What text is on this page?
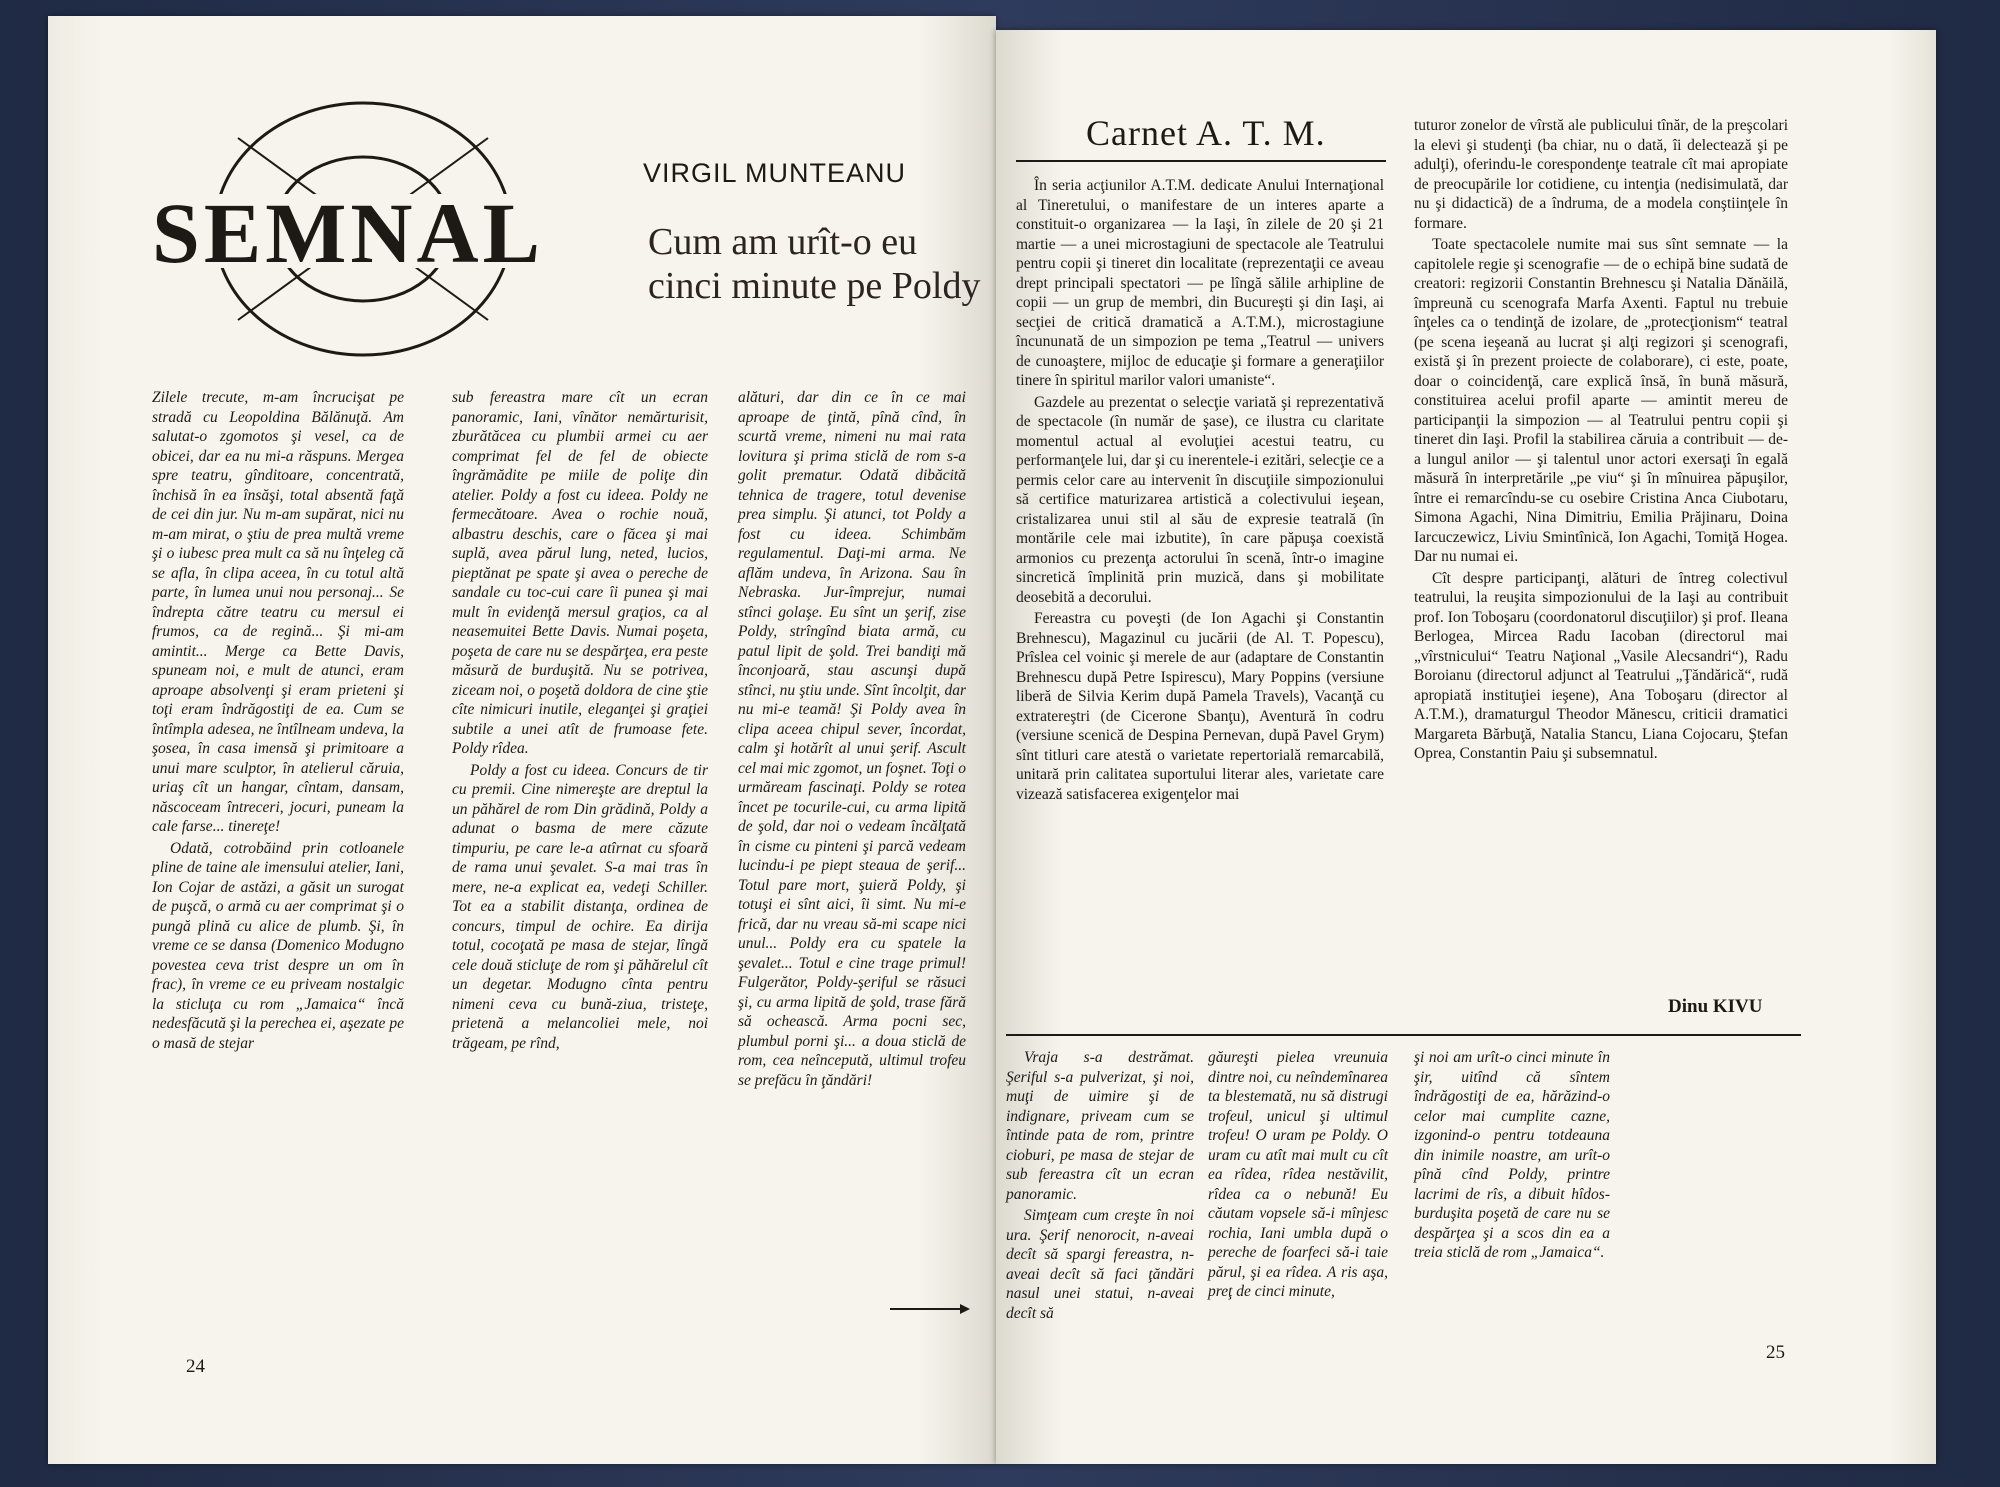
SEMNAL
VIRGIL MUNTEANU
Cum am urît-o eu
cinci minute pe Poldy

Zilele trecute, m-am încrucişat pe stradă cu Leopoldina Bălănuţă. Am salutat-o zgomotos şi vesel, ca de obicei, dar ea nu mi-a răspuns. Mergea spre teatru, gînditoare, concentrată, închisă în ea însăşi, total absentă faţă de cei din jur. Nu m-am supărat, nici nu m-am mirat, o ştiu de prea multă vreme şi o iubesc prea mult ca să nu înţeleg că se afla, în clipa aceea, în cu totul altă parte, în lumea unui nou personaj... Se îndrepta către teatru cu mersul ei frumos, ca de regină... Şi mi-am amintit... Merge ca Bette Davis, spuneam noi, e mult de atunci, eram aproape absolvenţi şi eram prieteni şi toţi eram îndrăgostiţi de ea. Cum se întîmpla adesea, ne întîlneam undeva, la şosea, în casa imensă şi primitoare a unui mare sculptor, în atelierul căruia, uriaş cît un hangar, cîntam, dansam, născoceam întreceri, jocuri, puneam la cale farse... tinereţe!

Odată, cotrobăind prin cotloanele pline de taine ale imensului atelier, Iani, Ion Cojar de astăzi, a găsit un surogat de puşcă, o armă cu aer comprimat şi o pungă plină cu alice de plumb. Şi, în vreme ce se dansa (Domenico Modugno povestea ceva trist despre un om în frac), în vreme ce eu priveam nostalgic la sticluţa cu rom „Jamaica“ încă nedesfăcută şi la perechea ei, aşezate pe o masă de stejar

sub fereastra mare cît un ecran panoramic, Iani, vînător nemărturisit, zburătăcea cu plumbii armei cu aer comprimat fel de fel de obiecte îngrămădite pe miile de poliţe din atelier. Poldy a fost cu ideea. Poldy ne fermecătoare. Avea o rochie nouă, albastru deschis, care o făcea şi mai suplă, avea părul lung, neted, lucios, pieptănat pe spate şi avea o pereche de sandale cu toc-cui care îi punea şi mai mult în evidenţă mersul graţios, ca al neasemuitei Bette Davis. Numai poşeta, poşeta de care nu se despărţea, era peste măsură de burduşită. Nu se potrivea, ziceam noi, o poşetă doldora de cine ştie cîte nimicuri inutile, eleganţei şi graţiei subtile a unei atît de frumoase fete. Poldy rîdea.

Poldy a fost cu ideea. Concurs de tir cu premii. Cine nimereşte are dreptul la un păhărel de rom Din grădină, Poldy a adunat o basma de mere căzute timpuriu, pe care le-a atîrnat cu sfoară de rama unui şevalet. S-a mai tras în mere, ne-a explicat ea, vedeţi Schiller. Tot ea a stabilit distanţa, ordinea de concurs, timpul de ochire. Ea dirija totul, cocoţată pe masa de stejar, lîngă cele două sticluţe de rom şi păhărelul cît un degetar. Modugno cînta pentru nimeni ceva cu bună-ziua, tristeţe, prietenă a melancoliei mele, noi trăgeam, pe rînd,

alături, dar din ce în ce mai aproape de ţintă, pînă cînd, în scurtă vreme, nimeni nu mai rata lovitura şi prima sticlă de rom s-a golit prematur. Odată dibăcită tehnica de tragere, totul devenise prea simplu. Şi atunci, tot Poldy a fost cu ideea. Schimbăm regulamentul. Daţi-mi arma. Ne aflăm undeva, în Arizona. Sau în Nebraska. Jur-împrejur, numai stînci golaşe. Eu sînt un şerif, zise Poldy, strîngînd biata armă, cu patul lipit de şold. Trei bandiţi mă înconjoară, stau ascunşi după stînci, nu ştiu unde. Sînt încolţit, dar nu mi-e teamă! Şi Poldy avea în clipa aceea chipul sever, încordat, calm şi hotărît al unui şerif. Ascult cel mai mic zgomot, un foşnet. Toţi o urmăream fascinaţi. Poldy se rotea încet pe tocurile-cui, cu arma lipită de şold, dar noi o vedeam încălţată în cisme cu pinteni şi parcă vedeam lucindu-i pe piept steaua de şerif... Totul pare mort, şuieră Poldy, şi totuşi ei sînt aici, îi simt. Nu mi-e frică, dar nu vreau să-mi scape nici unul... Poldy era cu spatele la şevalet... Totul e cine trage primul! Fulgerător, Poldy-şeriful se răsuci şi, cu arma lipită de şold, trase fără să ochească. Arma pocni sec, plumbul porni şi... a doua sticlă de rom, cea neîncepută, ultimul trofeu se prefăcu în ţăndări!

24
Carnet A. T. M.

În seria acţiunilor A.T.M. dedicate Anului Internaţional al Tineretului, o manifestare de un interes aparte a constituit-o organizarea — la Iaşi, în zilele de 20 şi 21 martie — a unei microstagiuni de spectacole ale Teatrului pentru copii şi tineret din localitate (reprezentaţii ce aveau drept principali spectatori — pe lîngă sălile arhipline de copii — un grup de membri, din Bucureşti şi din Iaşi, ai secţiei de critică dramatică a A.T.M.), microstagiune încununată de un simpozion pe tema „Teatrul — univers de cunoaştere, mijloc de educaţie şi formare a generaţiilor tinere în spiritul marilor valori umaniste“.

Gazdele au prezentat o selecţie variată şi reprezentativă de spectacole (în număr de şase), ce ilustra cu claritate momentul actual al evoluţiei acestui teatru, cu performanţele lui, dar şi cu inerentele-i ezitări, selecţie ce a permis celor care au intervenit în discuţiile simpozionului să certifice maturizarea artistică a colectivului ieşean, cristalizarea unui stil al său de expresie teatrală (în montările cele mai izbutite), în care păpuşa coexistă armonios cu prezenţa actorului în scenă, într-o imagine sincretică împlinită prin muzică, dans şi mobilitate deosebită a decorului.

Fereastra cu poveşti (de Ion Agachi şi Constantin Brehnescu), Magazinul cu jucării (de Al. T. Popescu), Prîslea cel voinic şi merele de aur (adaptare de Constantin Brehnescu după Petre Ispirescu), Mary Poppins (versiune liberă de Silvia Kerim după Pamela Travels), Vacanţă cu extratereştri (de Cicerone Sbanţu), Aventură în codru (versiune scenică de Despina Pernevan, după Pavel Grym) sînt titluri care atestă o varietate repertorială remarcabilă, unitară prin calitatea suportului literar ales, varietate care vizează satisfacerea exigenţelor mai

tuturor zonelor de vîrstă ale publicului tînăr, de la preşcolari la elevi şi studenţi (ba chiar, nu o dată, îi delectează şi pe adulţi), oferindu-le corespondenţe teatrale cît mai apropiate de preocupările lor cotidiene, cu intenţia (nedisimulată, dar nu şi didactică) de a îndruma, de a modela conştiinţele în formare.

Toate spectacolele numite mai sus sînt semnate — la capitolele regie şi scenografie — de o echipă bine sudată de creatori: regizorii Constantin Brehnescu şi Natalia Dănăilă, împreună cu scenografa Marfa Axenti. Faptul nu trebuie înţeles ca o tendinţă de izolare, de „protecţionism“ teatral (pe scena ieşeană au lucrat şi alţi regizori şi scenografi, există şi în prezent proiecte de colaborare), ci este, poate, doar o coincidenţă, care explică însă, în bună măsură, constituirea acelui profil aparte — amintit mereu de participanţii la simpozion — al Teatrului pentru copii şi tineret din Iaşi. Profil la stabilirea căruia a contribuit — de-a lungul anilor — şi talentul unor actori exersaţi în egală măsură în interpretările „pe viu“ şi în mînuirea păpuşilor, între ei remarcîndu-se cu osebire Cristina Anca Ciubotaru, Simona Agachi, Nina Dimitriu, Emilia Prăjinaru, Doina Iarcuczewicz, Liviu Smintînică, Ion Agachi, Tomiţă Hogea. Dar nu numai ei.

Cît despre participanţi, alături de întreg colectivul teatrului, la reuşita simpozionului de la Iaşi au contribuit prof. Ion Toboşaru (coordonatorul discuţiilor) şi prof. Ileana Berlogea, Mircea Radu Iacoban (directorul mai „vîrstnicului“ Teatru Naţional „Vasile Alecsandri“), Radu Boroianu (directorul adjunct al Teatrului „Ţăndărică“, rudă apropiată instituţiei ieşene), Ana Toboşaru (director al A.T.M.), dramaturgul Theodor Mănescu, criticii dramatici Margareta Bărbuţă, Natalia Stancu, Liana Cojocaru, Ştefan Oprea, Constantin Paiu şi subsemnatul.

Dinu KIVU

Vraja s-a destrămat. Şeriful s-a pulverizat, şi noi, muţi de uimire şi de indignare, priveam cum se întinde pata de rom, printre cioburi, pe masa de stejar de sub fereastra cît un ecran panoramic.

Simţeam cum creşte în noi ura. Şerif nenorocit, n-aveai decît să spargi fereastra, n-aveai decît să faci ţăndări nasul unei statui, n-aveai decît să

găureşti pielea vreunuia dintre noi, cu neîndemînarea ta blestemată, nu să distrugi trofeul, unicul şi ultimul trofeu! O uram pe Poldy. O uram cu atît mai mult cu cît ea rîdea, rîdea nestăvilit, rîdea ca o nebună! Eu căutam vopsele să-i mînjesc rochia, Iani umbla după o pereche de foarfeci să-i taie părul, şi ea rîdea. A ris aşa, preţ de cinci minute,

şi noi am urît-o cinci minute în şir, uitînd că sîntem îndrăgostiţi de ea, hărăzind-o celor mai cumplite cazne, izgonind-o pentru totdeauna din inimile noastre, am urît-o pînă cînd Poldy, printre lacrimi de rîs, a dibuit hîdos-burduşita poşetă de care nu se despărţea şi a scos din ea a treia sticlă de rom „Jamaica“.

25
